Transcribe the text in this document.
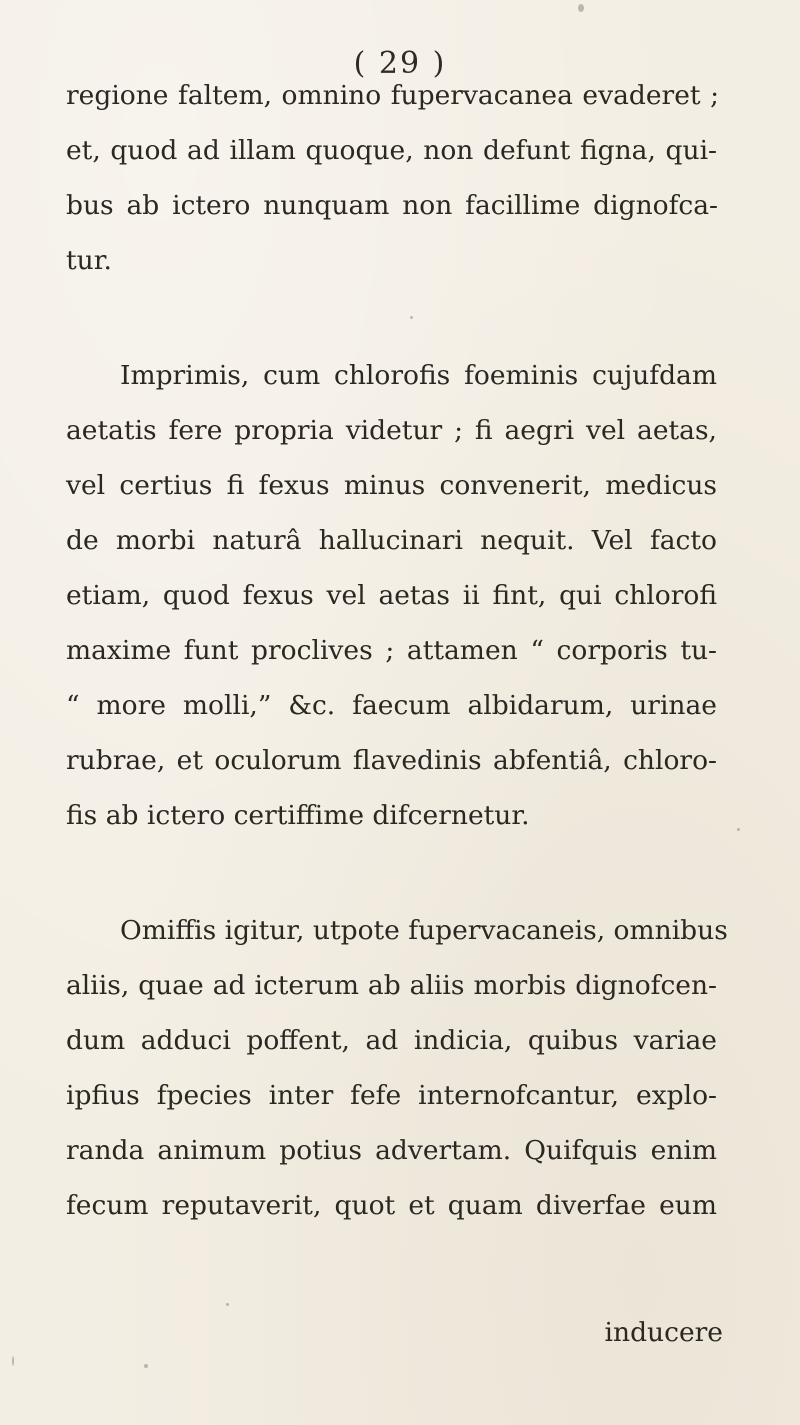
( 29 )
regione faltem, omnino fupervacanea evaderet ;
et, quod ad illam quoque, non defunt figna, qui-
bus ab ictero nunquam non facillime dignofca-
tur.
Imprimis, cum chlorofis foeminis cujufdam
aetatis fere propria videtur ; fi aegri vel aetas,
vel certius fi fexus minus convenerit, medicus
de morbi naturâ hallucinari nequit. Vel facto
etiam, quod fexus vel aetas ii fint, qui chlorofi
maxime funt proclives ; attamen “ corporis tu-
“ more molli,” &c. faecum albidarum, urinae
rubrae, et oculorum flavedinis abfentiâ, chloro-
fis ab ictero certiffime difcernetur.
Omiffis igitur, utpote fupervacaneis, omnibus
aliis, quae ad icterum ab aliis morbis dignofcen-
dum adduci poffent, ad indicia, quibus variae
ipfius fpecies inter fefe internofcantur, explo-
randa animum potius advertam. Quifquis enim
fecum reputaverit, quot et quam diverfae eum
inducere
